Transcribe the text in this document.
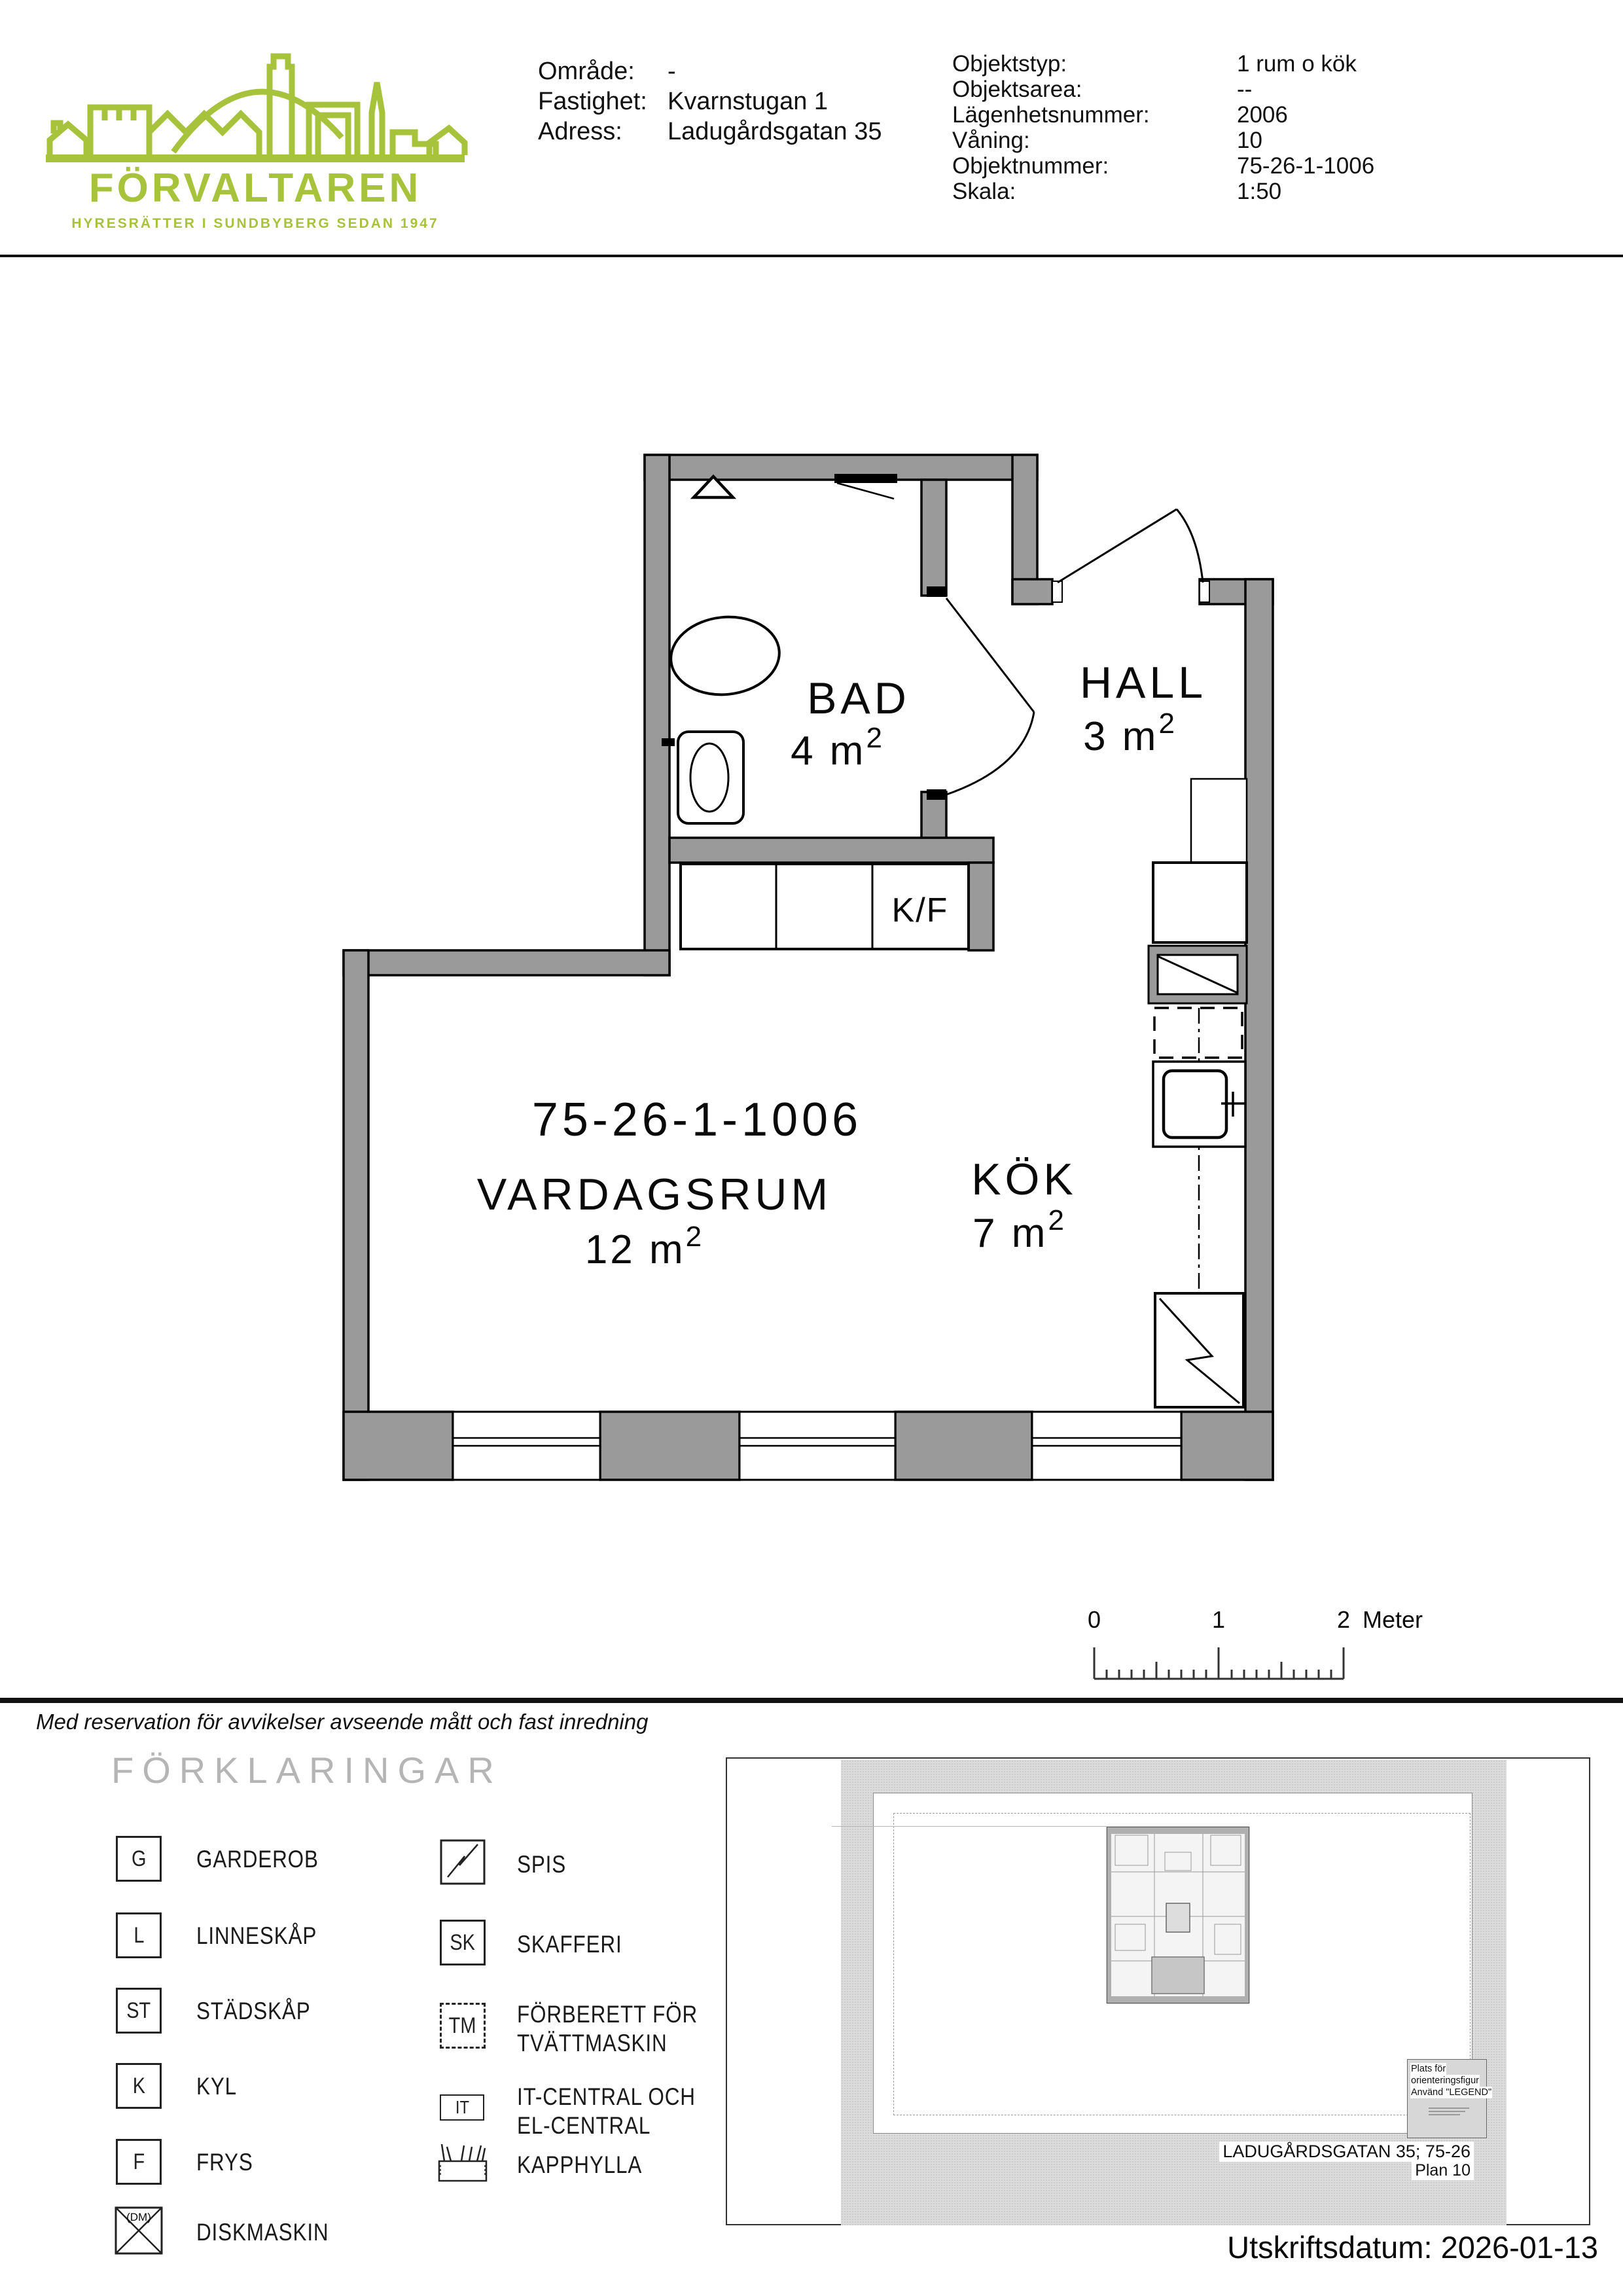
FÖRVALTAREN
HYRESRÄTTER I SUNDBYBERG SEDAN 1947
Område: -
Fastighet: Kvarnstugan 1
Adress: Ladugårdsgatan 35
Objektstyp:	1 rum o kök
Objektsarea:	--
Lägenhetsnummer:	2006
Våning:	10
Objektnummer:	75-26-1-1006
Skala:	1:50
K/F
75-26-1-1006
BAD
4 $m^2$
HALL
3 $m^2$
VARDAGSRUM
12 $m^2$
KÖK
7 $m^2$
0	1	2 Meter
Med reservation för avvikelser avseende mått och fast inredning
FÖRKLARINGAR
G
L
ST
K
F
(DM)
GARDEROB
LINNESKÅP
STÄDSKÅP
KYL
FRYS
DISKMASKIN
SK
TM
IT
SPIS
SKAFFERI
FÖRBERETT FÖR
TVÄTTMASKIN
IT-CENTRAL OCH
EL-CENTRAL
KAPPHYLLA
Plats för
orienteringsfigur
Använd "LEGEND"
LADUGÅRDSGATAN 35; 75-26
Plan 10
Utskriftsdatum: 2026-01-13
